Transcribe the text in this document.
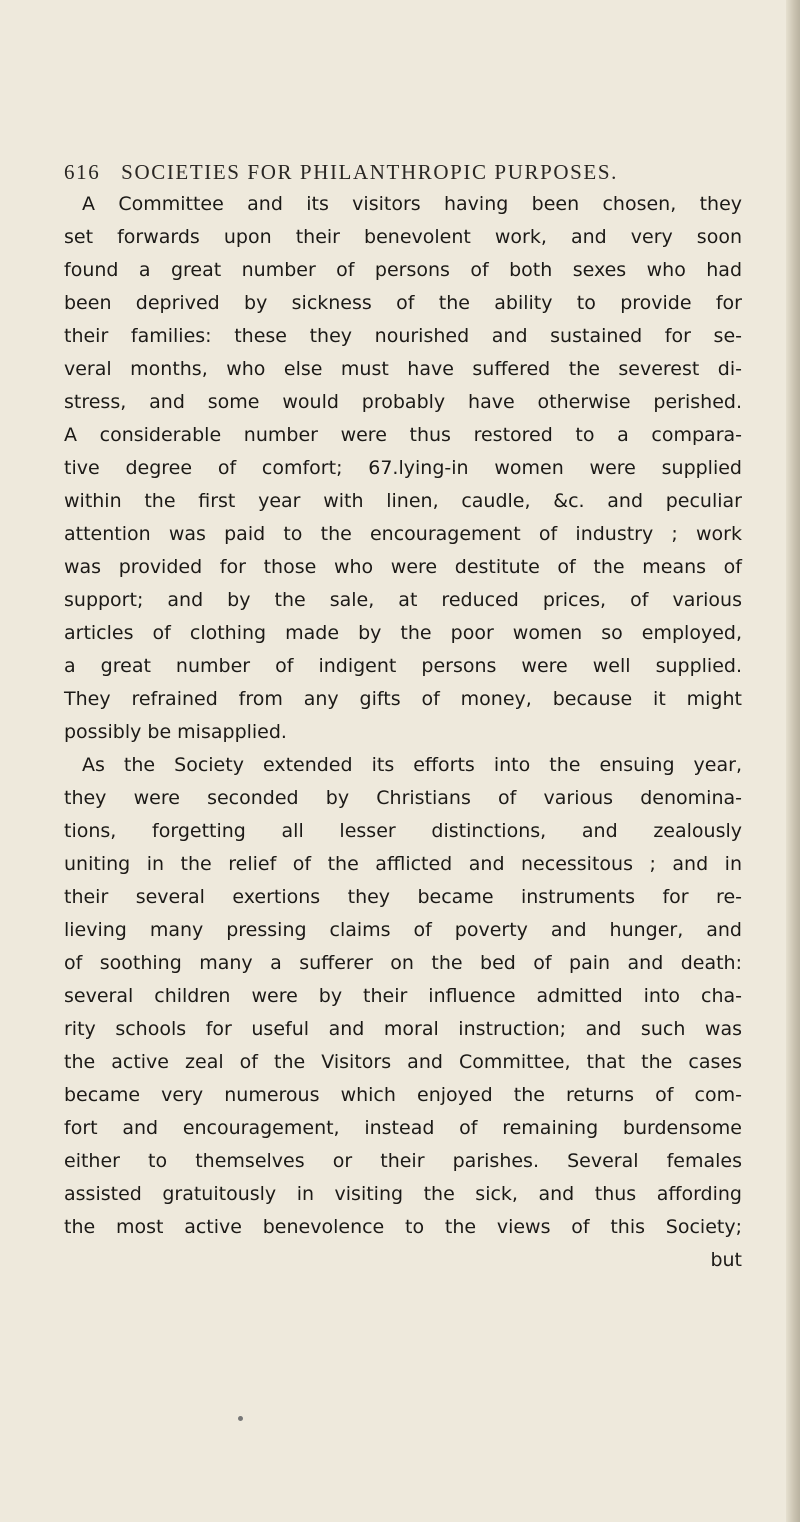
616 SOCIETIES FOR PHILANTHROPIC PURPOSES.
A Committee and its visitors having been chosen, they
set forwards upon their benevolent work, and very soon
found a great number of persons of both sexes who had
been deprived by sickness of the ability to provide for
their families: these they nourished and sustained for se-
veral months, who else must have suffered the severest di-
stress, and some would probably have otherwise perished.
A considerable number were thus restored to a compara-
tive degree of comfort; 67.lying-in women were supplied
within the first year with linen, caudle, &c. and peculiar
attention was paid to the encouragement of industry ; work
was provided for those who were destitute of the means of
support; and by the sale, at reduced prices, of various
articles of clothing made by the poor women so employed,
a great number of indigent persons were well supplied.
They refrained from any gifts of money, because it might
possibly be misapplied.
As the Society extended its efforts into the ensuing year,
they were seconded by Christians of various denomina-
tions, forgetting all lesser distinctions, and zealously
uniting in the relief of the afflicted and necessitous ; and in
their several exertions they became instruments for re-
lieving many pressing claims of poverty and hunger, and
of soothing many a sufferer on the bed of pain and death:
several children were by their influence admitted into cha-
rity schools for useful and moral instruction; and such was
the active zeal of the Visitors and Committee, that the cases
became very numerous which enjoyed the returns of com-
fort and encouragement, instead of remaining burdensome
either to themselves or their parishes. Several females
assisted gratuitously in visiting the sick, and thus affording
the most active benevolence to the views of this Society;
but
